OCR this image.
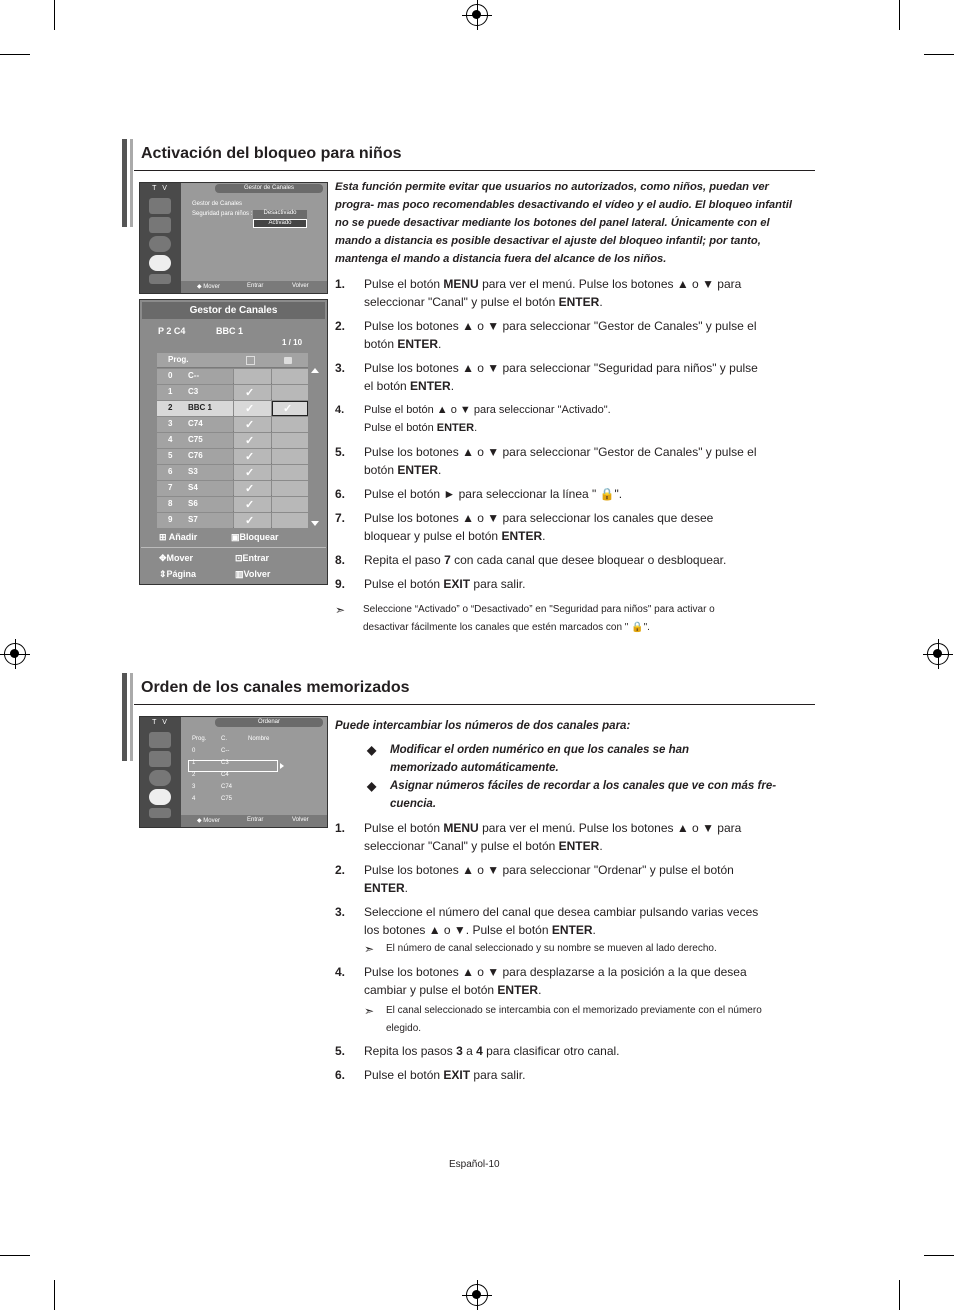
Activación del bloqueo para niños
T V	Gestor de Canales
Gestor de Canales
Seguridad para niños :	Desactivado
Activado
◆ Mover	Entrar	Volver
Gestor de Canales
P 2 C4	BBC 1
1 / 10
Prog.
0 C--
1 C3	✓
2 BBC 1	✓	✓
3 C74	✓
4 C75	✓
5 C76	✓
6 S3	✓
7 S4	✓
8 S6	✓
9 S7	✓
⊞ Añadir	▣Bloquear
✥Mover	⊡Entrar
⇕Página	▥Volver
Esta función permite evitar que usuarios no autorizados, como niños, puedan ver progra- mas poco recomendables desactivando el vídeo y el audio. El bloqueo infantil no se puede desactivar mediante los botones del panel lateral. Únicamente con el mando a distancia es posible desactivar el ajuste del bloqueo infantil; por tanto, mantenga el mando a distancia fuera del alcance de los niños.
1. Pulse el botón MENU para ver el menú. Pulse los botones ▲ o ▼ para
seleccionar "Canal" y pulse el botón ENTER.
2. Pulse los botones ▲ o ▼ para seleccionar "Gestor de Canales" y pulse el
botón ENTER.
3. Pulse los botones ▲ o ▼ para seleccionar "Seguridad para niños" y pulse
el botón ENTER.
4. Pulse el botón ▲ o ▼ para seleccionar "Activado".
Pulse el botón ENTER.
5. Pulse los botones ▲ o ▼ para seleccionar "Gestor de Canales" y pulse el
botón ENTER.
6. Pulse el botón ► para seleccionar la línea " 🔒".
7. Pulse los botones ▲ o ▼ para seleccionar los canales que desee
bloquear y pulse el botón ENTER.
8. Repita el paso 7 con cada canal que desee bloquear o desbloquear.
9. Pulse el botón EXIT para salir.
➣ Seleccione “Activado” o “Desactivado” en "Seguridad para niños" para activar o
desactivar fácilmente los canales que estén marcados con " 🔒".
Orden de los canales memorizados
T V	Ordenar
Prog. C.	Nombre
0	C--
1	C3
2	C4
3	C74
4	C75
◆ Mover	Entrar	Volver
Puede intercambiar los números de dos canales para:
◆ Modificar el orden numérico en que los canales se han
memorizado automáticamente.
◆ Asignar números fáciles de recordar a los canales que ve con más fre-
cuencia.
1. Pulse el botón MENU para ver el menú. Pulse los botones ▲ o ▼ para
seleccionar "Canal" y pulse el botón ENTER.
2. Pulse los botones ▲ o ▼ para seleccionar "Ordenar" y pulse el botón
ENTER.
3. Seleccione el número del canal que desea cambiar pulsando varias veces
los botones ▲ o ▼. Pulse el botón ENTER.
4. Pulse los botones ▲ o ▼ para desplazarse a la posición a la que desea
cambiar y pulse el botón ENTER.
5. Repita los pasos 3 a 4 para clasificar otro canal.
6. Pulse el botón EXIT para salir.
➣ El número de canal seleccionado y su nombre se mueven al lado derecho.
➣ El canal seleccionado se intercambia con el memorizado previamente con el número
elegido.
Español-10
